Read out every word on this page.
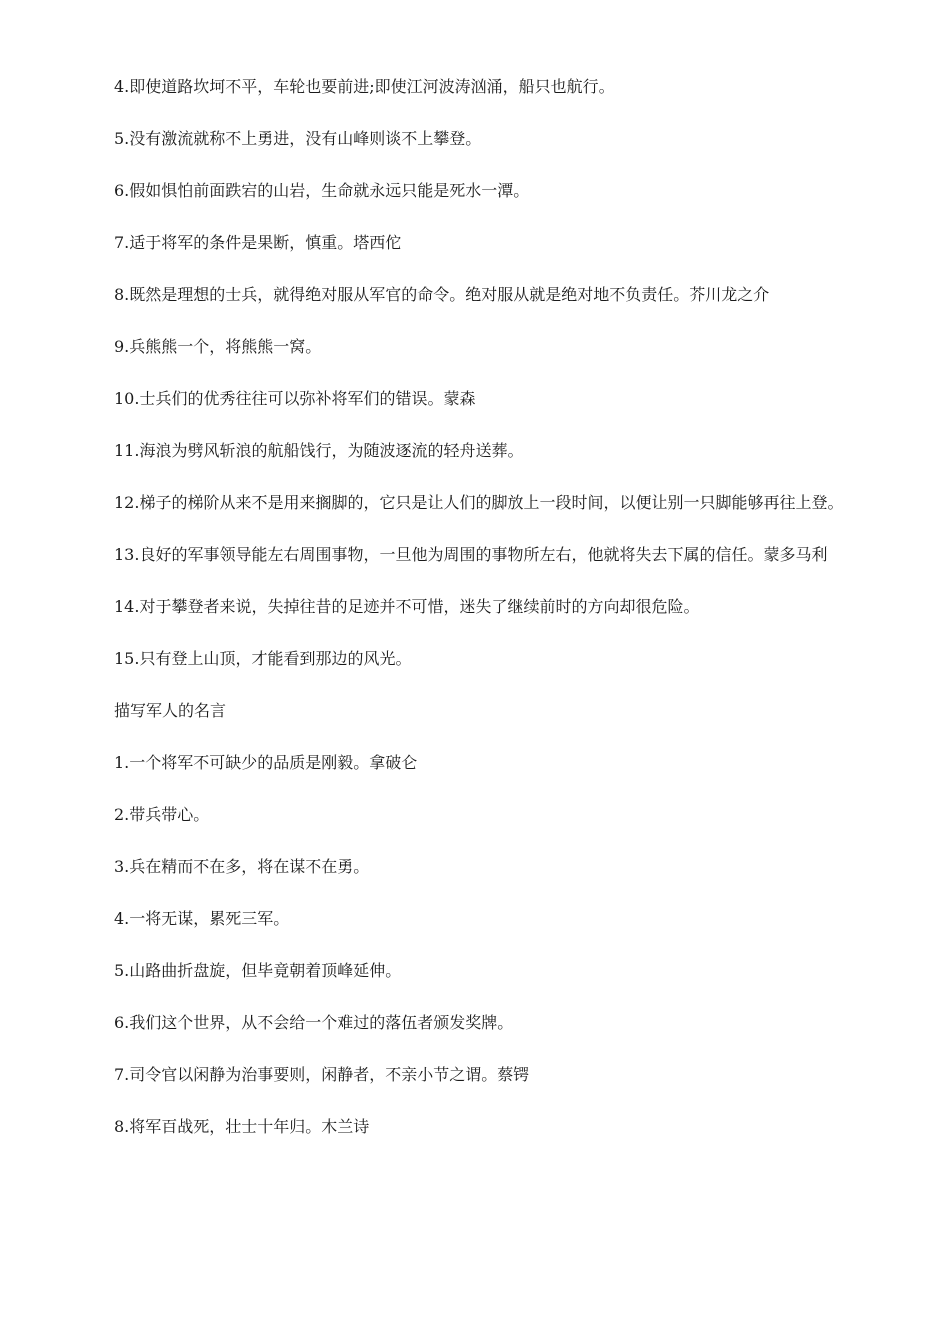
4.即使道路坎坷不平，车轮也要前进;即使江河波涛汹涌，船只也航行。

5.没有激流就称不上勇进，没有山峰则谈不上攀登。

6.假如惧怕前面跌宕的山岩，生命就永远只能是死水一潭。

7.适于将军的条件是果断，慎重。塔西佗

8.既然是理想的士兵，就得绝对服从军官的命令。绝对服从就是绝对地不负责任。芥川龙之介

9.兵熊熊一个，将熊熊一窝。

10.士兵们的优秀往往可以弥补将军们的错误。蒙森

11.海浪为劈风斩浪的航船饯行，为随波逐流的轻舟送葬。

12.梯子的梯阶从来不是用来搁脚的，它只是让人们的脚放上一段时间，以便让别一只脚能够再往上登。

13.良好的军事领导能左右周围事物，一旦他为周围的事物所左右，他就将失去下属的信任。蒙多马利

14.对于攀登者来说，失掉往昔的足迹并不可惜，迷失了继续前时的方向却很危险。

15.只有登上山顶，才能看到那边的风光。

描写军人的名言

1.一个将军不可缺少的品质是刚毅。拿破仑

2.带兵带心。

3.兵在精而不在多，将在谋不在勇。

4.一将无谋，累死三军。

5.山路曲折盘旋，但毕竟朝着顶峰延伸。

6.我们这个世界，从不会给一个难过的落伍者颁发奖牌。

7.司令官以闲静为治事要则，闲静者，不亲小节之谓。蔡锷

8.将军百战死，壮士十年归。木兰诗
